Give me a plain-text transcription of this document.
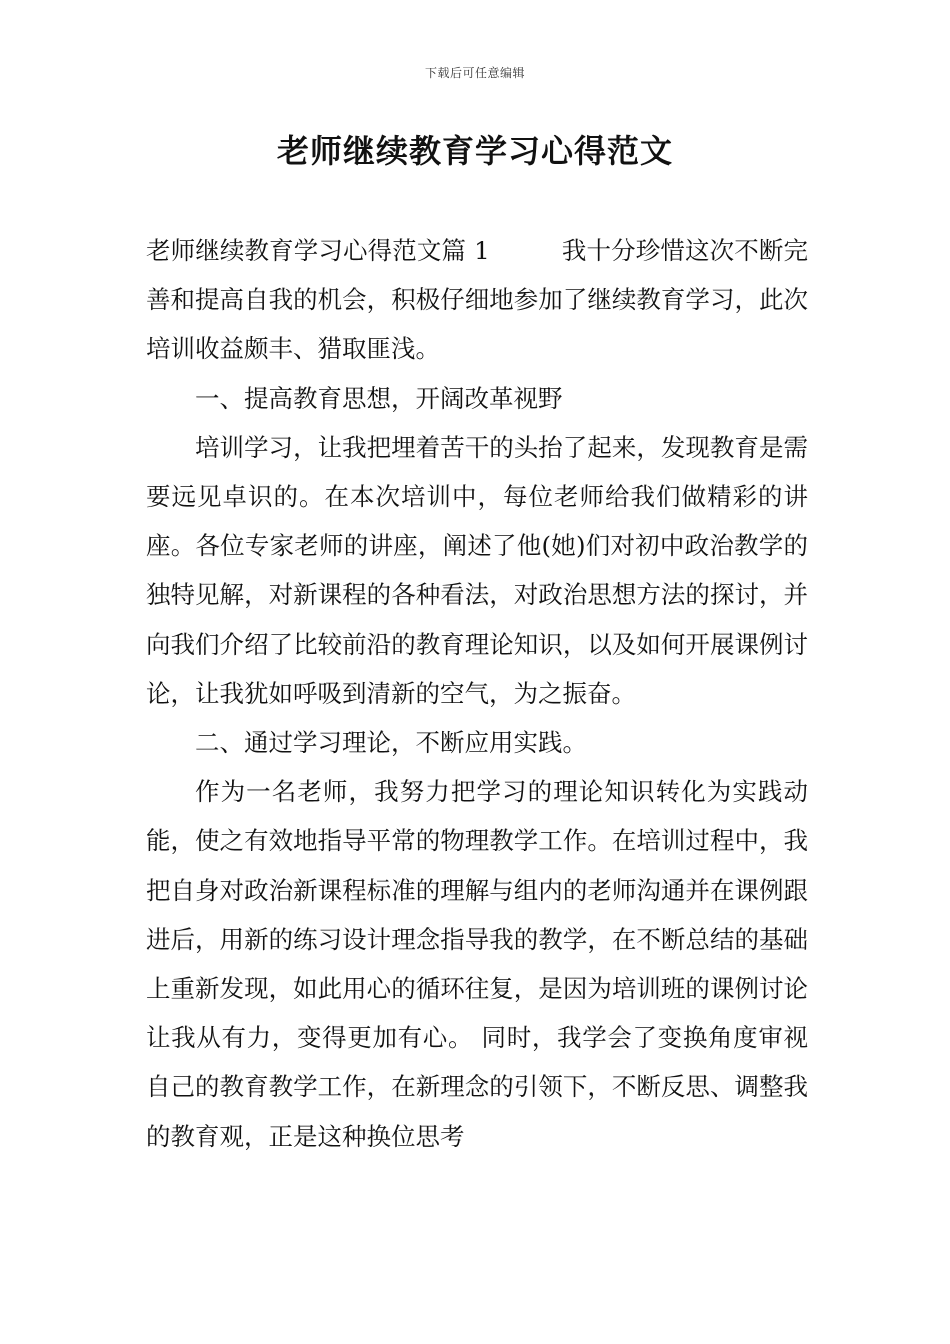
下载后可任意编辑
老师继续教育学习心得范文

老师继续教育学习心得范文篇 1	我十分珍惜这次不断完善和提高自我的机会，积极仔细地参加了继续教育学习，此次培训收益颇丰、猎取匪浅。

一、提高教育思想，开阔改革视野

培训学习，让我把埋着苦干的头抬了起来，发现教育是需要远见卓识的。在本次培训中，每位老师给我们做精彩的讲座。各位专家老师的讲座，阐述了他(她)们对初中政治教学的独特见解，对新课程的各种看法，对政治思想方法的探讨，并向我们介绍了比较前沿的教育理论知识，以及如何开展课例讨论，让我犹如呼吸到清新的空气，为之振奋。

二、通过学习理论，不断应用实践。

作为一名老师，我努力把学习的理论知识转化为实践动能，使之有效地指导平常的物理教学工作。在培训过程中，我把自身对政治新课程标准的理解与组内的老师沟通并在课例跟进后，用新的练习设计理念指导我的教学，在不断总结的基础上重新发现，如此用心的循环往复，是因为培训班的课例讨论让我从有力，变得更加有心。 同时，我学会了变换角度审视自己的教育教学工作，在新理念的引领下，不断反思、调整我的教育观，正是这种换位思考
